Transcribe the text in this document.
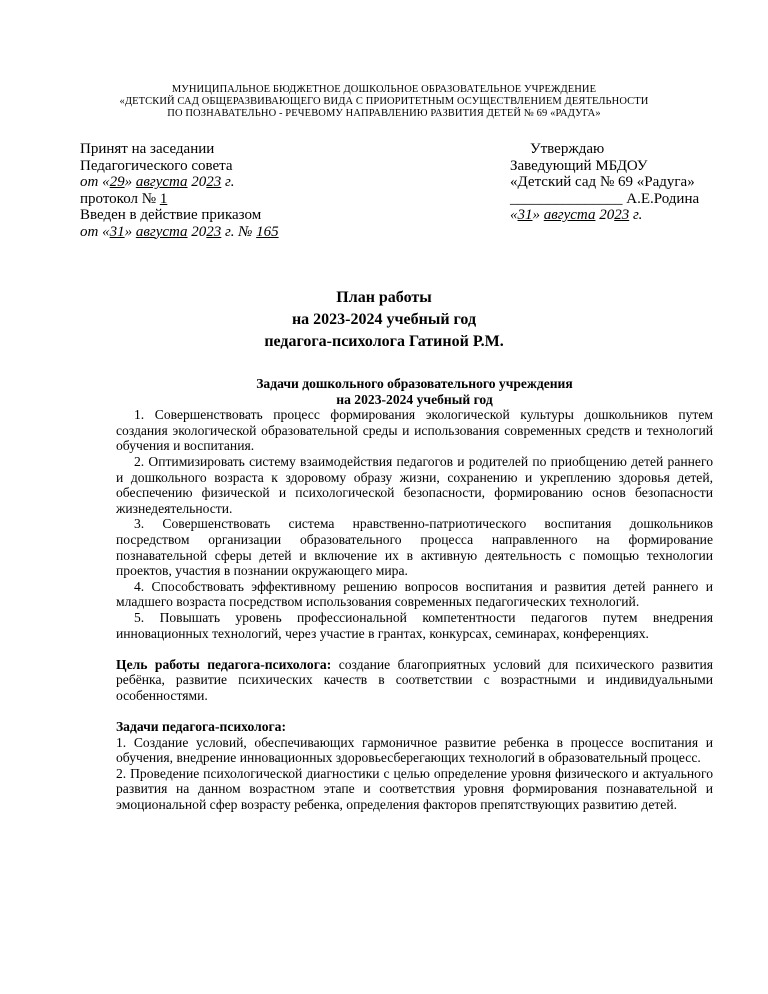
МУНИЦИПАЛЬНОЕ БЮДЖЕТНОЕ ДОШКОЛЬНОЕ ОБРАЗОВАТЕЛЬНОЕ УЧРЕЖДЕНИЕ
«ДЕТСКИЙ САД ОБЩЕРАЗВИВАЮЩЕГО ВИДА С ПРИОРИТЕТНЫМ ОСУЩЕСТВЛЕНИЕМ ДЕЯТЕЛЬНОСТИ
ПО ПОЗНАВАТЕЛЬНО - РЕЧЕВОМУ НАПРАВЛЕНИЮ РАЗВИТИЯ ДЕТЕЙ № 69 «РАДУГА»
Принят на заседании
Педагогического совета
от «29» августа 2023 г.
протокол № 1
Введен в действие приказом
от «31» августа 2023 г. № 165
Утверждаю
Заведующий МБДОУ
«Детский сад № 69 «Радуга»
_______________ А.Е.Родина
«31» августа 2023 г.
План работы
на 2023-2024 учебный год
педагога-психолога Гатиной Р.М.
Задачи дошкольного образовательного учреждения
на 2023-2024 учебный год
1. Совершенствовать процесс формирования экологической культуры дошкольников путем создания экологической образовательной среды и использования современных средств и технологий обучения и воспитания.
2. Оптимизировать систему взаимодействия педагогов и родителей по приобщению детей раннего и дошкольного возраста к здоровому образу жизни, сохранению и укреплению здоровья детей, обеспечению физической и психологической безопасности, формированию основ безопасности жизнедеятельности.
3. Совершенствовать система нравственно-патриотического воспитания дошкольников посредством организации образовательного процесса направленного на формирование познавательной сферы детей и включение их в активную деятельность с помощью технологии проектов, участия в познании окружающего мира.
4. Способствовать эффективному решению вопросов воспитания и развития детей раннего и младшего возраста посредством использования современных педагогических технологий.
5. Повышать уровень профессиональной компетентности педагогов путем внедрения инновационных технологий, через участие в грантах, конкурсах, семинарах, конференциях.
Цель работы педагога-психолога: создание благоприятных условий для психического развития ребёнка, развитие психических качеств в соответствии с возрастными и индивидуальными особенностями.
Задачи педагога-психолога:
1. Создание условий, обеспечивающих гармоничное развитие ребенка в процессе воспитания и обучения, внедрение инновационных здоровьесберегающих технологий в образовательный процесс.
2. Проведение психологической диагностики с целью определение уровня физического и актуального развития на данном возрастном этапе и соответствия уровня формирования познавательной и эмоциональной сфер возрасту ребенка, определения факторов препятствующих развитию детей.
